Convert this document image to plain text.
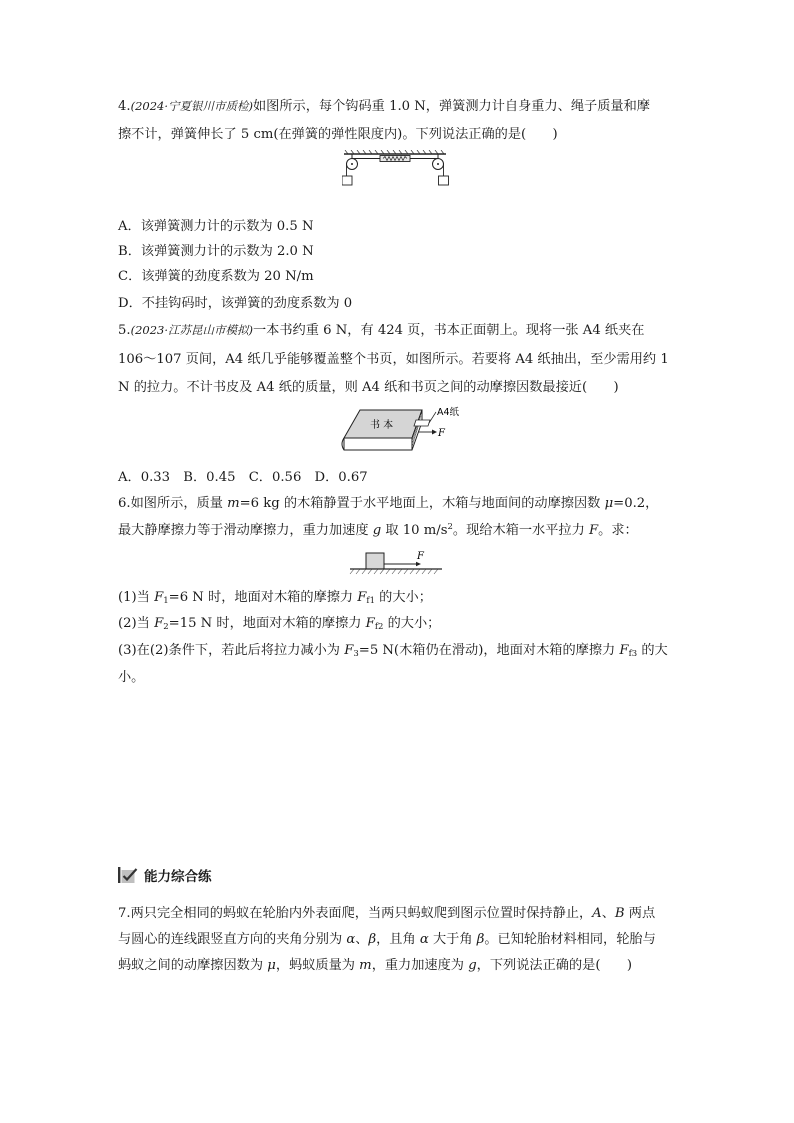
4.(2024·宁夏银川市质检)如图所示，每个钩码重 1.0 N，弹簧测力计自身重力、绳子质量和摩
擦不计，弹簧伸长了 5 cm(在弹簧的弹性限度内)。下列说法正确的是(　　)
A．该弹簧测力计的示数为 0.5 N
B．该弹簧测力计的示数为 2.0 N
C．该弹簧的劲度系数为 20 N/m
D．不挂钩码时，该弹簧的劲度系数为 0
5.(2023·江苏昆山市模拟)一本书约重 6 N，有 424 页，书本正面朝上。现将一张 A4 纸夹在
106～107 页间，A4 纸几乎能够覆盖整个书页，如图所示。若要将 A4 纸抽出，至少需用约 1
N 的拉力。不计书皮及 A4 纸的质量，则 A4 纸和书页之间的动摩擦因数最接近(　　)
书 本
A4纸
F
A．0.33　B．0.45　C．0.56　D．0.67
6.如图所示，质量 m=6 kg 的木箱静置于水平地面上，木箱与地面间的动摩擦因数 μ=0.2，
最大静摩擦力等于滑动摩擦力，重力加速度 g 取 10 $m/s^2$。现给木箱一水平拉力 F。求：
F
(1)当 $F_1=6$ N 时，地面对木箱的摩擦力 $F_{f1}$ 的大小；
(2)当 $F_2=15$ N 时，地面对木箱的摩擦力 $F_{f2}$ 的大小；
(3)在(2)条件下，若此后将拉力减小为 $F_3=5$ N(木箱仍在滑动)，地面对木箱的摩擦力 $F_{f3}$ 的大
小。
能力综合练
7.两只完全相同的蚂蚁在轮胎内外表面爬，当两只蚂蚁爬到图示位置时保持静止，A、B 两点
与圆心的连线跟竖直方向的夹角分别为 α、β，且角 α 大于角 β。已知轮胎材料相同，轮胎与
蚂蚁之间的动摩擦因数为 μ，蚂蚁质量为 m，重力加速度为 g，下列说法正确的是(　　)
